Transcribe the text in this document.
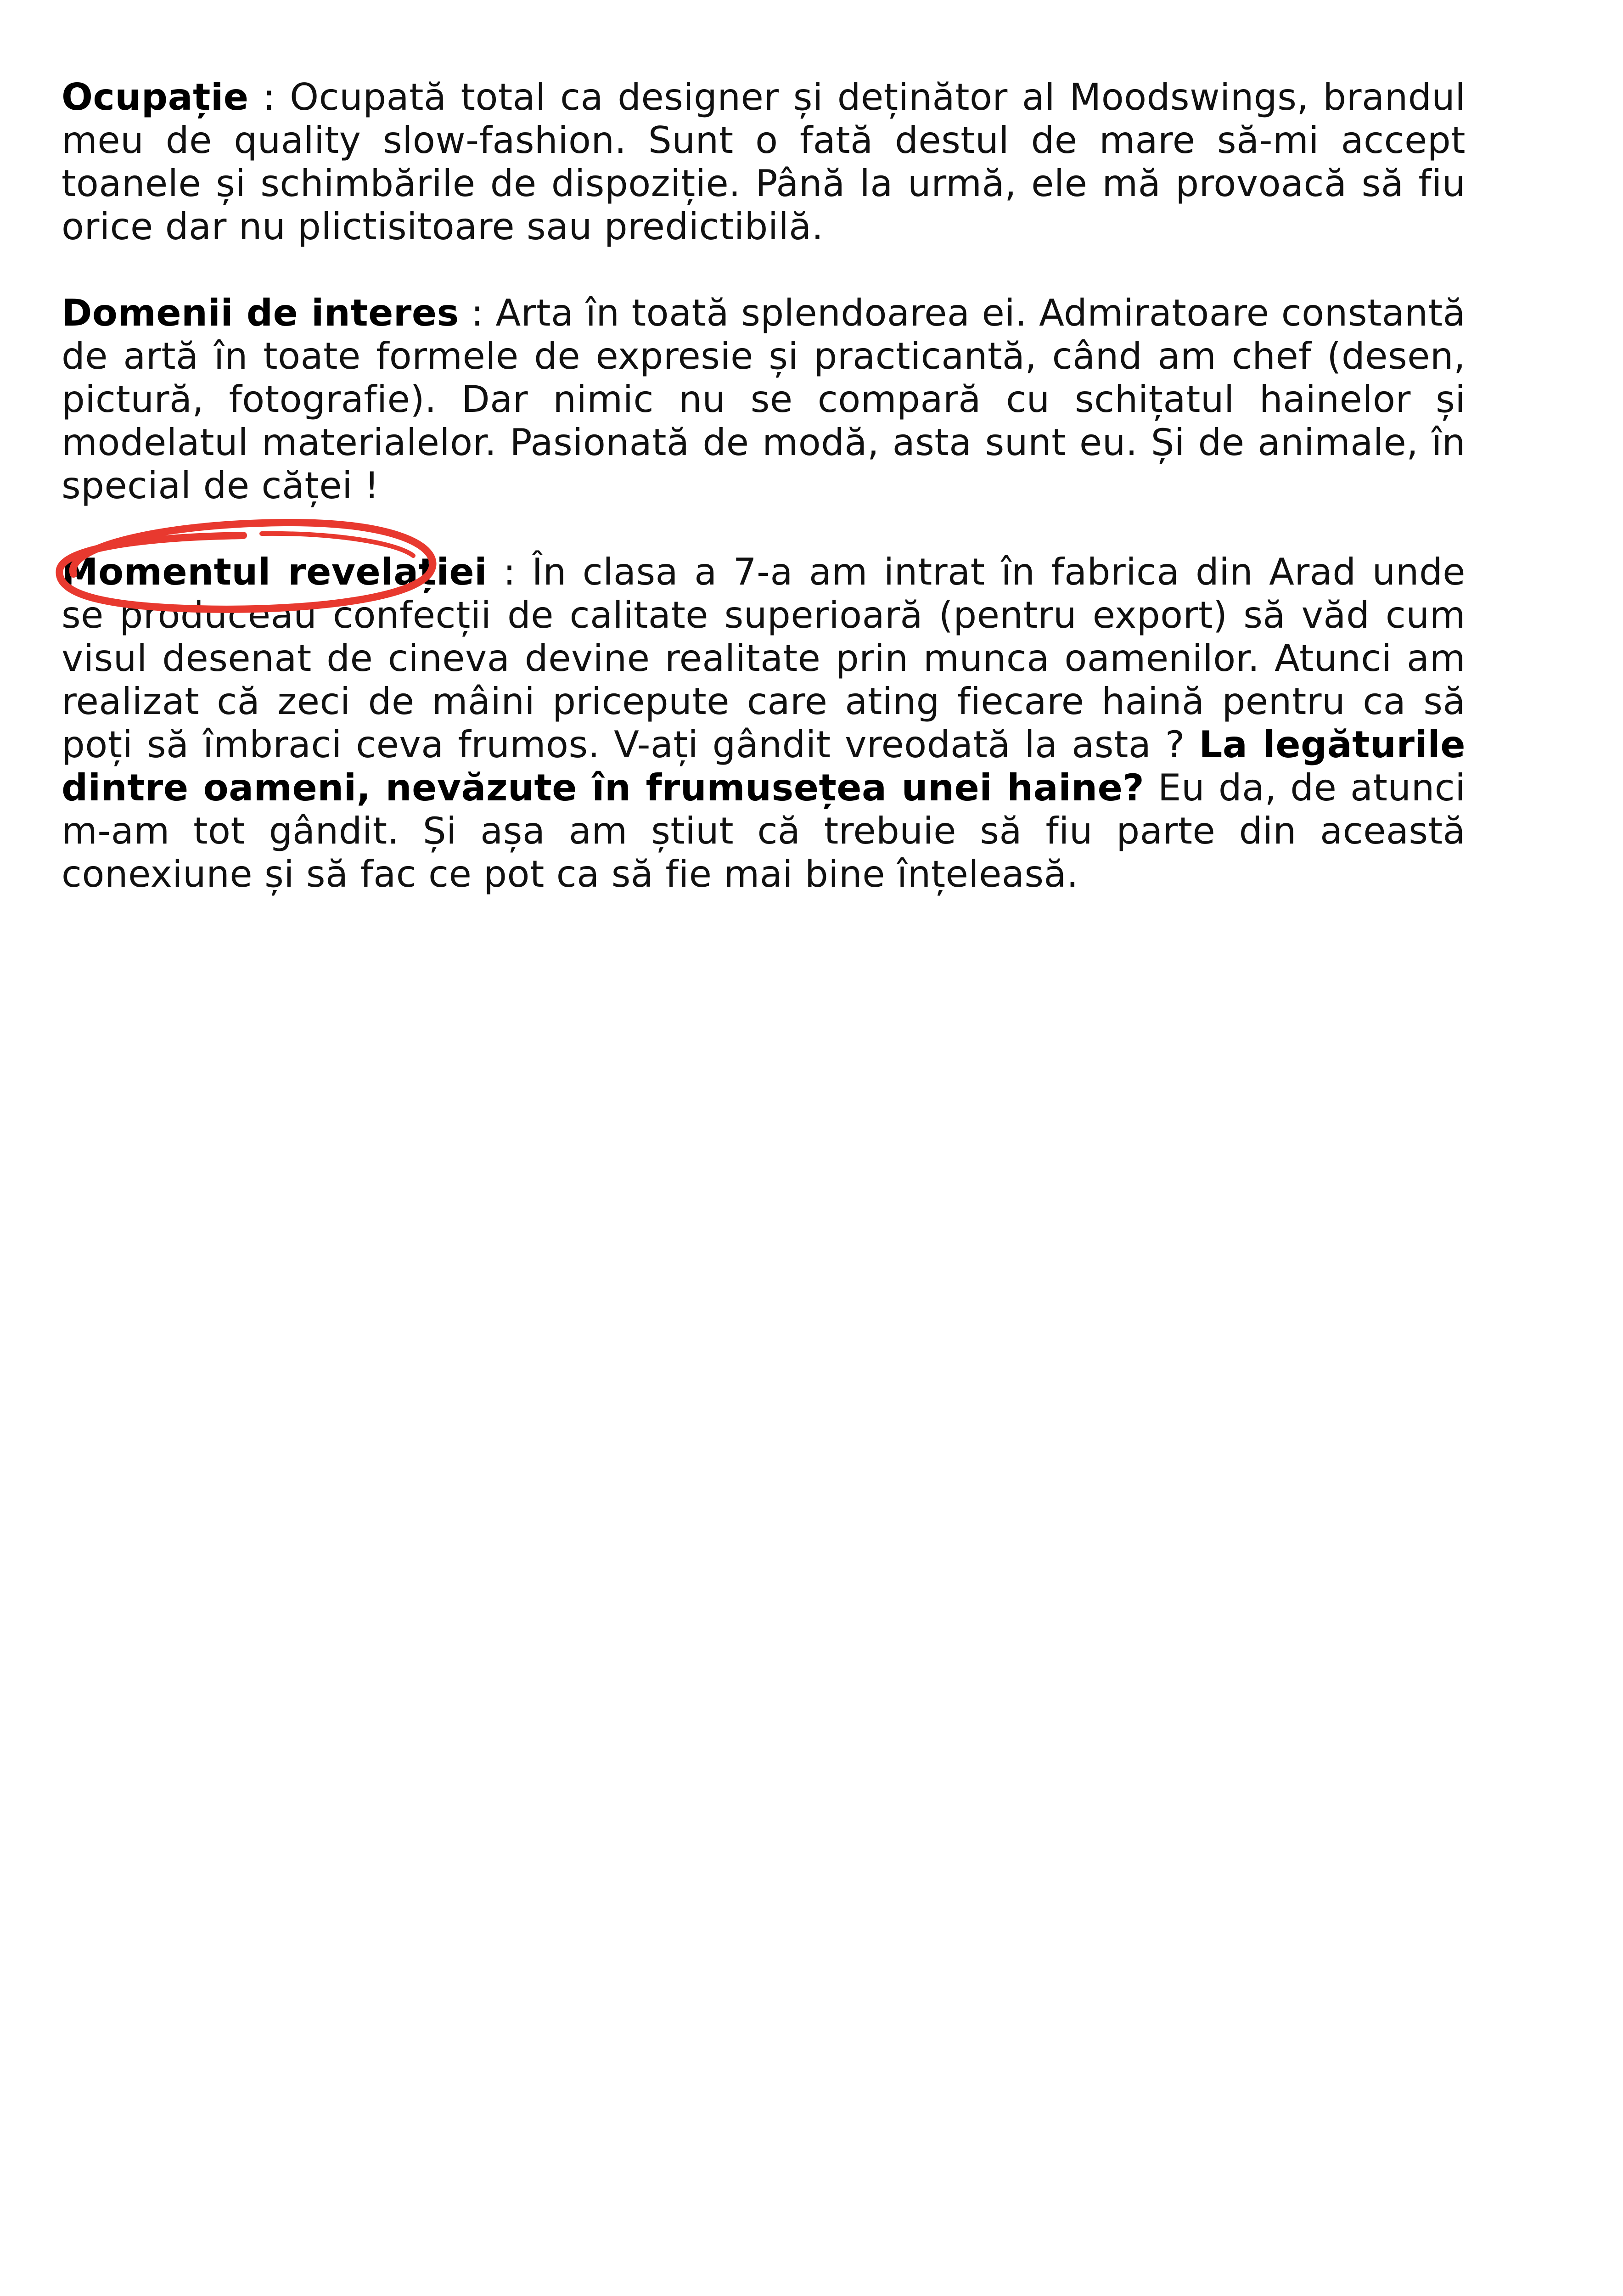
Ocupație : Ocupată total ca designer și deținător al Moodswings, brandul meu de quality slow-fashion. Sunt o fată destul de mare să-mi accept toanele și schimbările de dispoziție. Până la urmă, ele mă provoacă să fiu orice dar nu plictisitoare sau predictibilă.

Domenii de interes : Arta în toată splendoarea ei. Admiratoare constantă de artă în toate formele de expresie și practicantă, când am chef (desen, pictură, fotografie). Dar nimic nu se compară cu schițatul hainelor și modelatul materialelor. Pasionată de modă, asta sunt eu. Și de animale, în special de căței !

Momentul revelației : În clasa a 7-a am intrat în fabrica din Arad unde se produceau confecții de calitate superioară (pentru export) să văd cum visul desenat de cineva devine realitate prin munca oamenilor. Atunci am realizat că zeci de mâini pricepute care ating fiecare haină pentru ca să poți să îmbraci ceva frumos. V-ați gândit vreodată la asta ? La legăturile dintre oameni, nevăzute în frumusețea unei haine? Eu da, de atunci m-am tot gândit. Și așa am știut că trebuie să fiu parte din această conexiune și să fac ce pot ca să fie mai bine înțeleasă.
